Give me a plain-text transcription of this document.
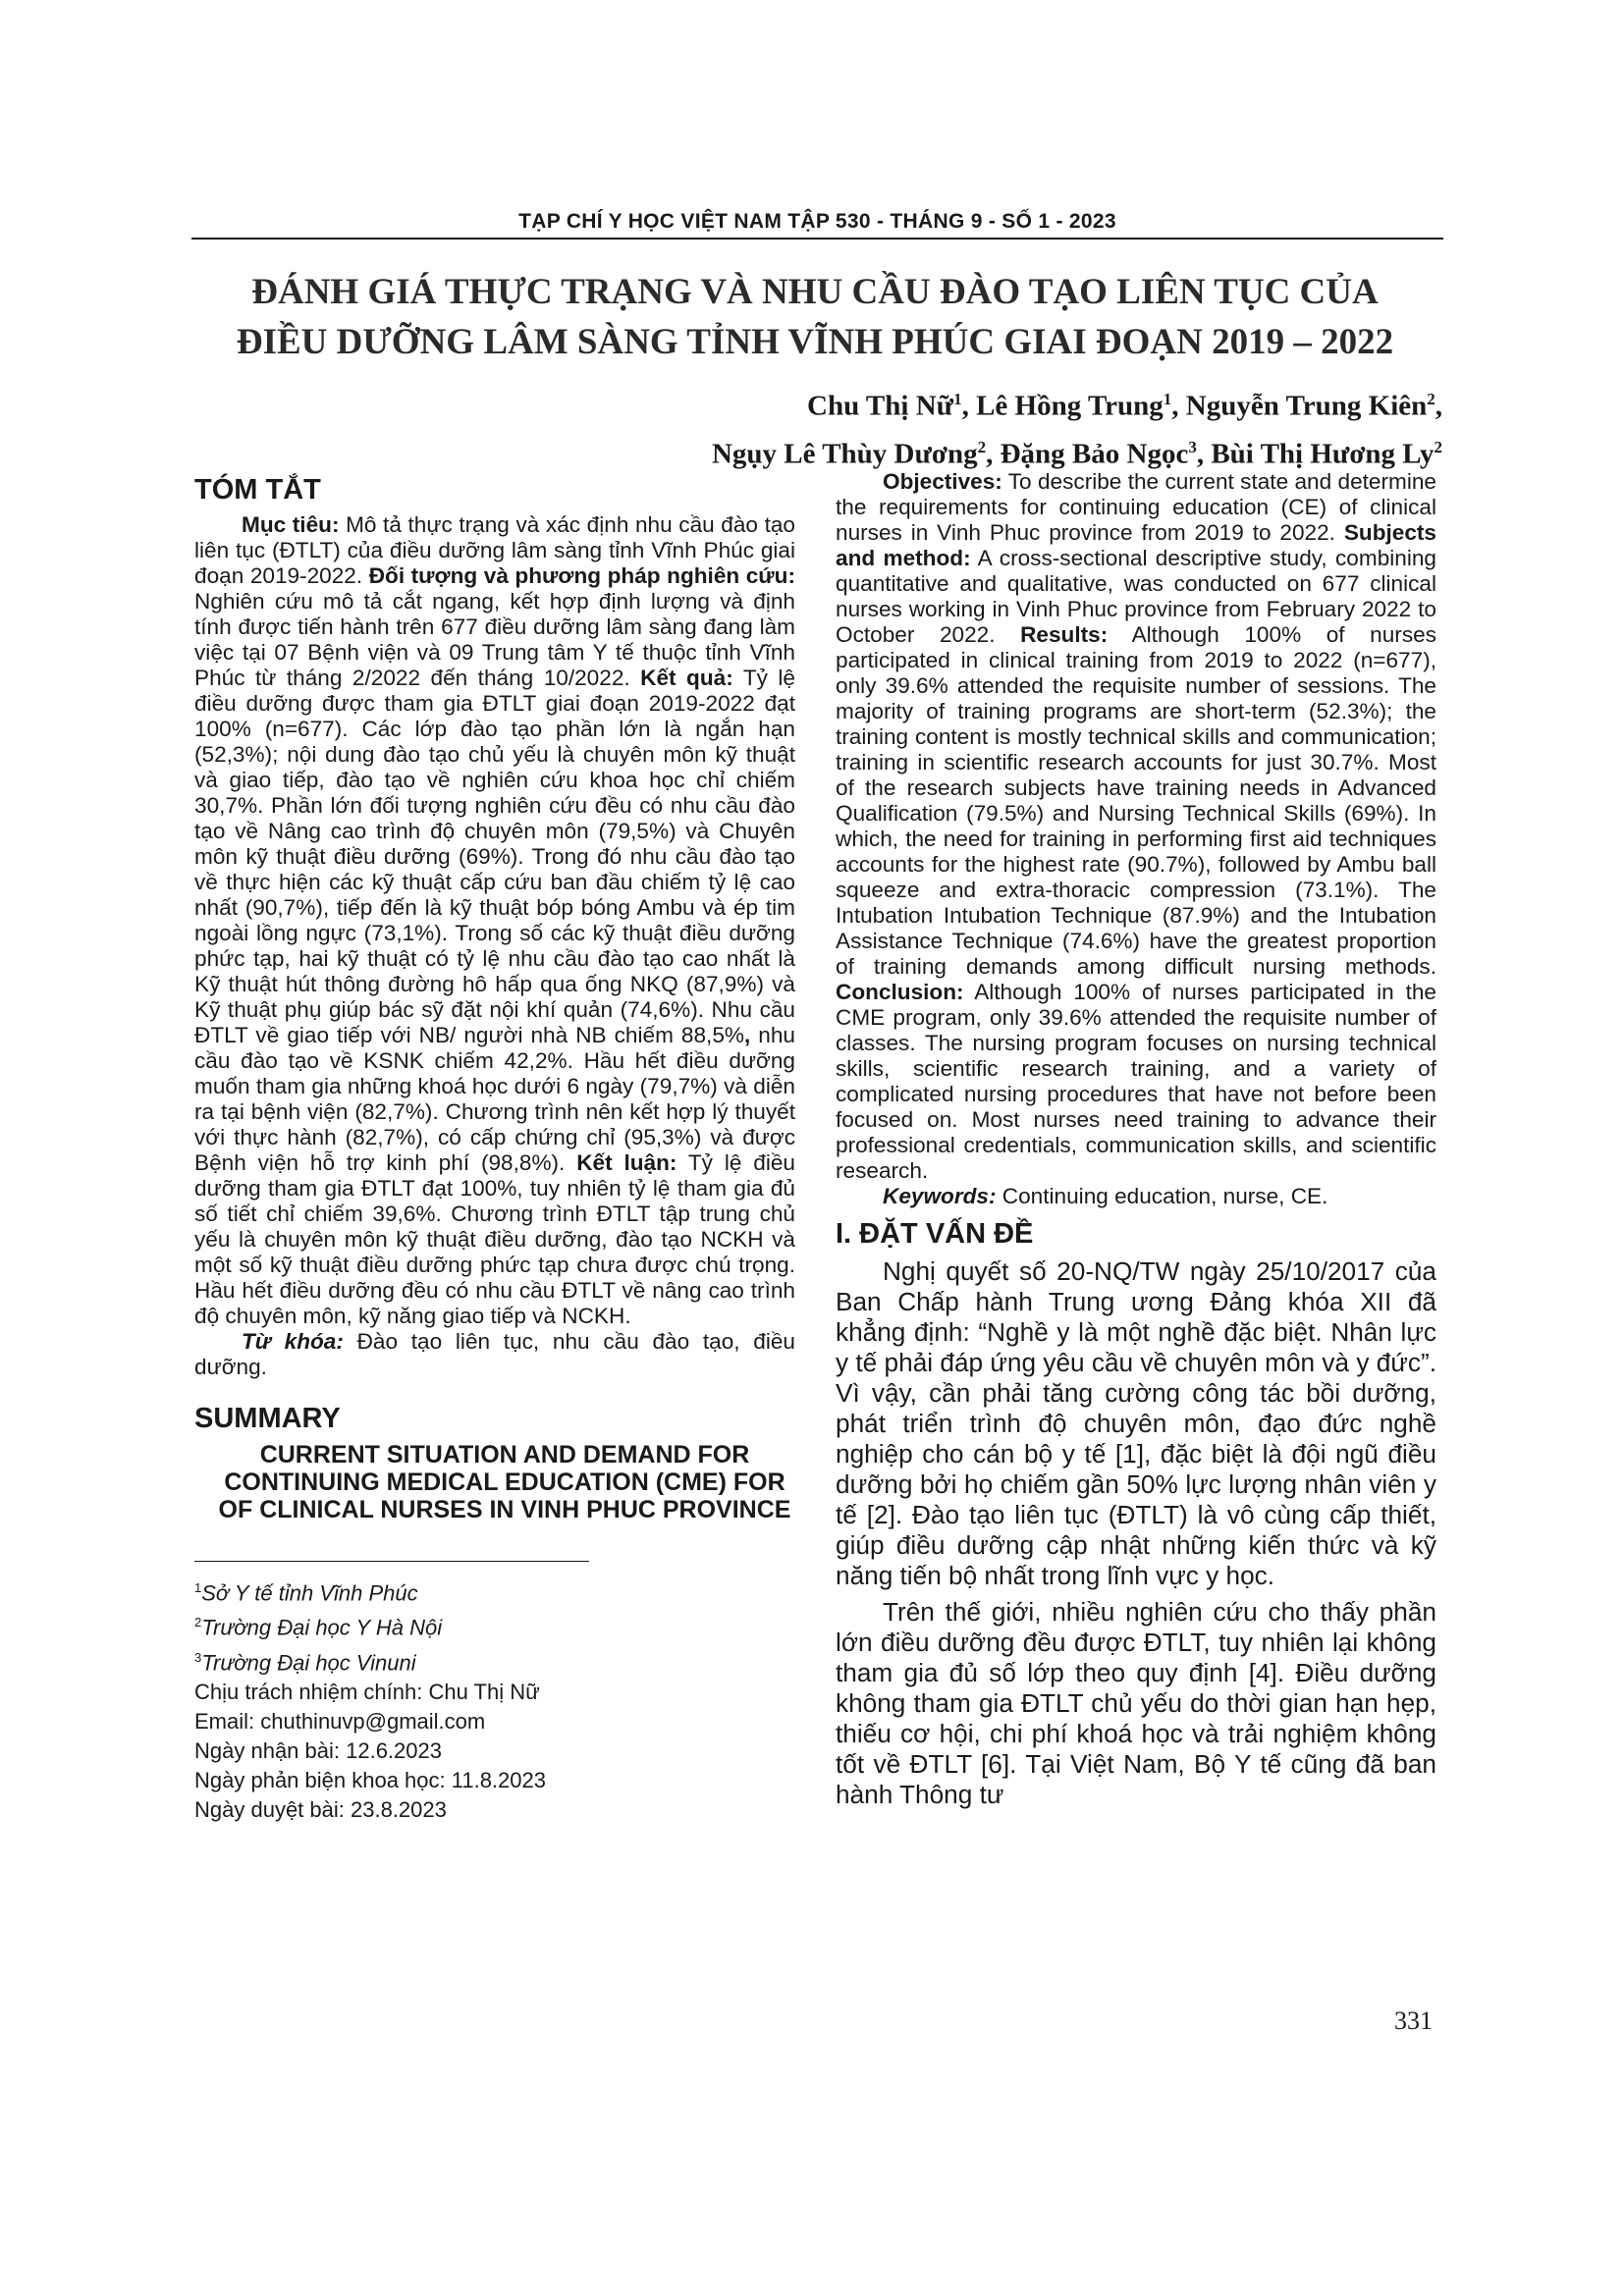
TẠP CHÍ Y HỌC VIỆT NAM TẬP 530 - THÁNG 9 - SỐ 1 - 2023
ĐÁNH GIÁ THỰC TRẠNG VÀ NHU CẦU ĐÀO TẠO LIÊN TỤC CỦA
ĐIỀU DƯỠNG LÂM SÀNG TỈNH VĨNH PHÚC GIAI ĐOẠN 2019 – 2022
Chu Thị Nữ$^1$, Lê Hồng Trung$^1$, Nguyễn Trung Kiên$^2$,
Ngụy Lê Thùy Dương$^2$, Đặng Bảo Ngọc$^3$, Bùi Thị Hương Ly$^2$
TÓM TẮT

Mục tiêu: Mô tả thực trạng và xác định nhu cầu đào tạo liên tục (ĐTLT) của điều dưỡng lâm sàng tỉnh Vĩnh Phúc giai đoạn 2019-2022. Đối tượng và phương pháp nghiên cứu: Nghiên cứu mô tả cắt ngang, kết hợp định lượng và định tính được tiến hành trên 677 điều dưỡng lâm sàng đang làm việc tại 07 Bệnh viện và 09 Trung tâm Y tế thuộc tỉnh Vĩnh Phúc từ tháng 2/2022 đến tháng 10/2022. Kết quả: Tỷ lệ điều dưỡng được tham gia ĐTLT giai đoạn 2019-2022 đạt 100% (n=677). Các lớp đào tạo phần lớn là ngắn hạn (52,3%); nội dung đào tạo chủ yếu là chuyên môn kỹ thuật và giao tiếp, đào tạo về nghiên cứu khoa học chỉ chiếm 30,7%. Phần lớn đối tượng nghiên cứu đều có nhu cầu đào tạo về Nâng cao trình độ chuyên môn (79,5%) và Chuyên môn kỹ thuật điều dưỡng (69%). Trong đó nhu cầu đào tạo về thực hiện các kỹ thuật cấp cứu ban đầu chiếm tỷ lệ cao nhất (90,7%), tiếp đến là kỹ thuật bóp bóng Ambu và ép tim ngoài lồng ngực (73,1%). Trong số các kỹ thuật điều dưỡng phức tạp, hai kỹ thuật có tỷ lệ nhu cầu đào tạo cao nhất là Kỹ thuật hút thông đường hô hấp qua ống NKQ (87,9%) và Kỹ thuật phụ giúp bác sỹ đặt nội khí quản (74,6%). Nhu cầu ĐTLT về giao tiếp với NB/ người nhà NB chiếm 88,5%, nhu cầu đào tạo về KSNK chiếm 42,2%. Hầu hết điều dưỡng muốn tham gia những khoá học dưới 6 ngày (79,7%) và diễn ra tại bệnh viện (82,7%). Chương trình nên kết hợp lý thuyết với thực hành (82,7%), có cấp chứng chỉ (95,3%) và được Bệnh viện hỗ trợ kinh phí (98,8%). Kết luận: Tỷ lệ điều dưỡng tham gia ĐTLT đạt 100%, tuy nhiên tỷ lệ tham gia đủ số tiết chỉ chiếm 39,6%. Chương trình ĐTLT tập trung chủ yếu là chuyên môn kỹ thuật điều dưỡng, đào tạo NCKH và một số kỹ thuật điều dưỡng phức tạp chưa được chú trọng. Hầu hết điều dưỡng đều có nhu cầu ĐTLT về nâng cao trình độ chuyên môn, kỹ năng giao tiếp và NCKH.

Từ khóa: Đào tạo liên tục, nhu cầu đào tạo, điều dưỡng.

SUMMARY
CURRENT SITUATION AND DEMAND FOR CONTINUING MEDICAL EDUCATION (CME) FOR OF CLINICAL NURSES IN VINH PHUC PROVINCE

$^1$Sở Y tế tỉnh Vĩnh Phúc

$^2$Trường Đại học Y Hà Nội

$^3$Trường Đại học Vinuni

Chịu trách nhiệm chính: Chu Thị Nữ

Email: chuthinuvp@gmail.com

Ngày nhận bài: 12.6.2023

Ngày phản biện khoa học: 11.8.2023

Ngày duyệt bài: 23.8.2023

Objectives: To describe the current state and determine the requirements for continuing education (CE) of clinical nurses in Vinh Phuc province from 2019 to 2022. Subjects and method: A cross-sectional descriptive study, combining quantitative and qualitative, was conducted on 677 clinical nurses working in Vinh Phuc province from February 2022 to October 2022. Results: Although 100% of nurses participated in clinical training from 2019 to 2022 (n=677), only 39.6% attended the requisite number of sessions. The majority of training programs are short-term (52.3%); the training content is mostly technical skills and communication; training in scientific research accounts for just 30.7%. Most of the research subjects have training needs in Advanced Qualification (79.5%) and Nursing Technical Skills (69%). In which, the need for training in performing first aid techniques accounts for the highest rate (90.7%), followed by Ambu ball squeeze and extra-thoracic compression (73.1%). The Intubation Intubation Technique (87.9%) and the Intubation Assistance Technique (74.6%) have the greatest proportion of training demands among difficult nursing methods. Conclusion: Although 100% of nurses participated in the CME program, only 39.6% attended the requisite number of classes. The nursing program focuses on nursing technical skills, scientific research training, and a variety of complicated nursing procedures that have not before been focused on. Most nurses need training to advance their professional credentials, communication skills, and scientific research.

Keywords: Continuing education, nurse, CE.

I. ĐẶT VẤN ĐỀ

Nghị quyết số 20-NQ/TW ngày 25/10/2017 của Ban Chấp hành Trung ương Đảng khóa XII đã khẳng định: “Nghề y là một nghề đặc biệt. Nhân lực y tế phải đáp ứng yêu cầu về chuyên môn và y đức”. Vì vậy, cần phải tăng cường công tác bồi dưỡng, phát triển trình độ chuyên môn, đạo đức nghề nghiệp cho cán bộ y tế [1], đặc biệt là đội ngũ điều dưỡng bởi họ chiếm gần 50% lực lượng nhân viên y tế [2]. Đào tạo liên tục (ĐTLT) là vô cùng cấp thiết, giúp điều dưỡng cập nhật những kiến thức và kỹ năng tiến bộ nhất trong lĩnh vực y học.

Trên thế giới, nhiều nghiên cứu cho thấy phần lớn điều dưỡng đều được ĐTLT, tuy nhiên lại không tham gia đủ số lớp theo quy định [4]. Điều dưỡng không tham gia ĐTLT chủ yếu do thời gian hạn hẹp, thiếu cơ hội, chi phí khoá học và trải nghiệm không tốt về ĐTLT [6]. Tại Việt Nam, Bộ Y tế cũng đã ban hành Thông tư

331
